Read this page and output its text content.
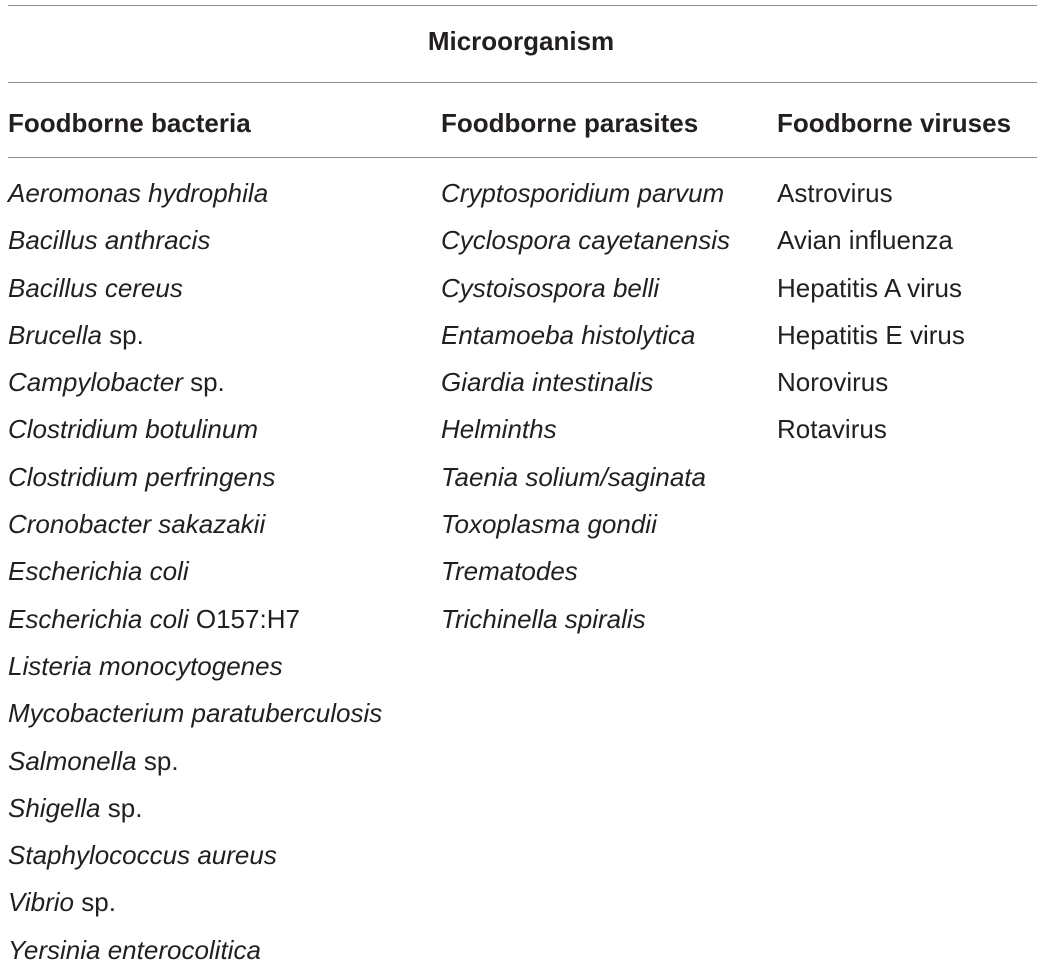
Microorganism
Foodborne bacteria	Foodborne parasites	Foodborne viruses
Aeromonas hydrophila
Bacillus anthracis
Bacillus cereus
Brucella sp.
Campylobacter sp.
Clostridium botulinum
Clostridium perfringens
Cronobacter sakazakii
Escherichia coli
Escherichia coli O157:H7
Listeria monocytogenes
Mycobacterium paratuberculosis
Salmonella sp.
Shigella sp.
Staphylococcus aureus
Vibrio sp.
Yersinia enterocolitica
Cryptosporidium parvum
Cyclospora cayetanensis
Cystoisospora belli
Entamoeba histolytica
Giardia intestinalis
Helminths
Taenia solium/saginata
Toxoplasma gondii
Trematodes
Trichinella spiralis
Astrovirus
Avian influenza
Hepatitis A virus
Hepatitis E virus
Norovirus
Rotavirus
